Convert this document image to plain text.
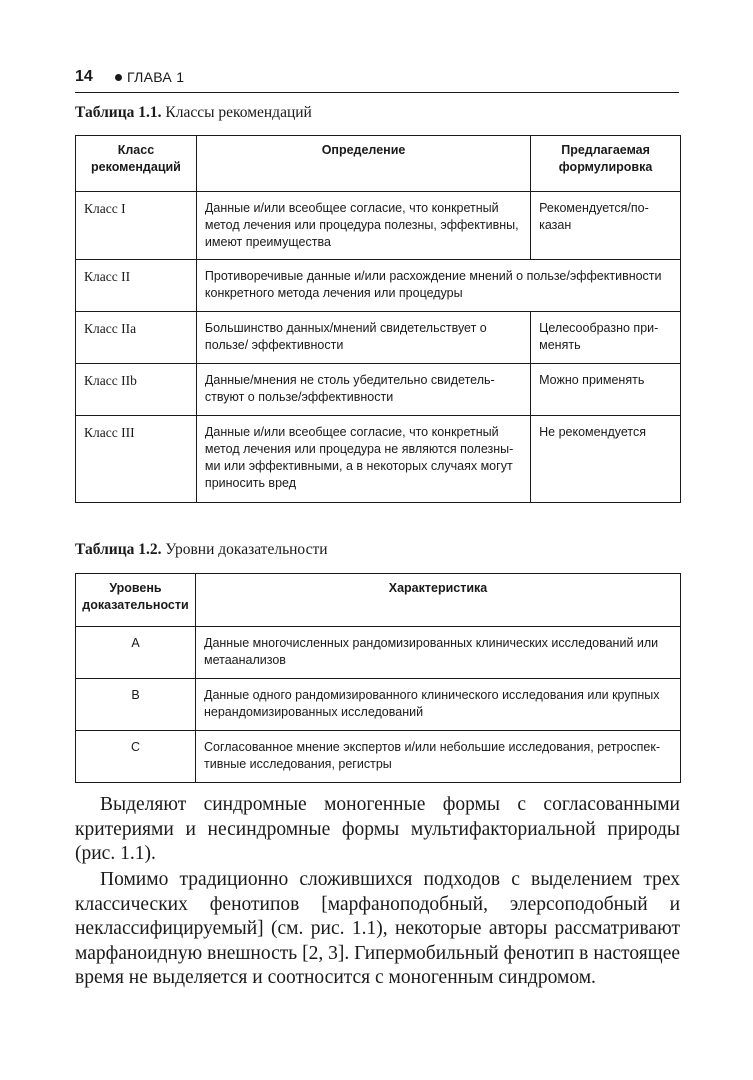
14 ГЛАВА 1
Таблица 1.1. Классы рекомендаций
Класс рекомендаций	Определение	Предлагаемая формулировка
Класс I	Данные и/или всеобщее согласие, что конкретный метод лечения или процедура полезны, эффективны, имеют преимущества	Рекомендуется/показан
Класс II	Противоречивые данные и/или расхождение мнений о пользе/эффективности конкретного метода лечения или процедуры	
Класс IIa	Большинство данных/мнений свидетельствует о пользе/ эффективности	Целесообразно применять
Класс IIb	Данные/мнения не столь убедительно свидетельствуют о пользе/эффективности	Можно применять
Класс III	Данные и/или всеобщее согласие, что конкретный метод лечения или процедура не являются полезными или эффективными, а в некоторых случаях могут приносить вред	Не рекомендуется
Таблица 1.2. Уровни доказательности
Уровень доказательности	Характеристика
A	Данные многочисленных рандомизированных клинических исследований или метаанализов
B	Данные одного рандомизированного клинического исследования или крупных нерандомизированных исследований
C	Согласованное мнение экспертов и/или небольшие исследования, ретроспективные исследования, регистры

Выделяют синдромные моногенные формы с согласованными критериями и несиндромные формы мультифакториальной природы (рис. 1.1).

Помимо традиционно сложившихся подходов с выделением трех классических фенотипов [марфаноподобный, элерсоподобный и неклассифицируемый] (см. рис. 1.1), некоторые авторы рассматривают марфаноидную внешность [2, 3]. Гипермобильный фенотип в настоящее время не выделяется и соотносится с моногенным синдромом.
